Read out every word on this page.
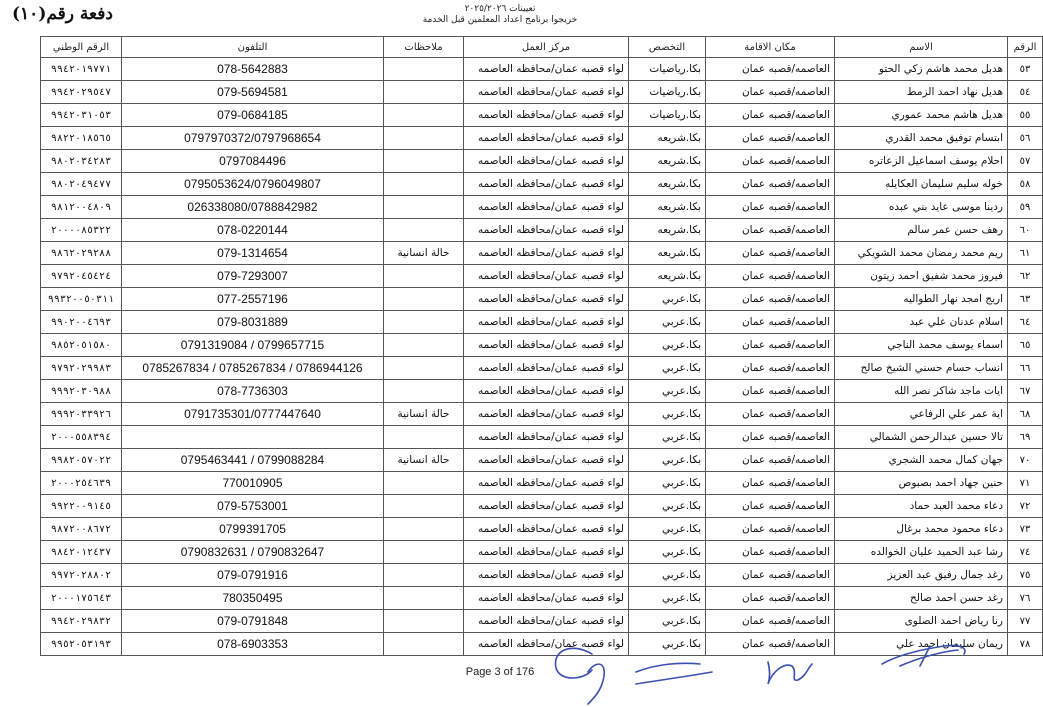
دفعة رقم(١٠)	تعيينات ٢٠٢٥/٢٠٢٦
خريجوا برنامج اعداد المعلمين قبل الخدمة
الرقم الوطني	التلفون	ملاحظات	مركز العمل	التخصص	مكان الاقامة	الاسم	الرقم
٩٩٤٢٠١٩٧٧١	078-5642883		لواء قصبه عمان/محافظه العاصمه	بكا.رياضيات	العاصمه/قصبه عمان	هديل محمد هاشم زكي الحتو	٥٣
٩٩٤٢٠٢٩٥٤٧	079-5694581		لواء قصبه عمان/محافظه العاصمه	بكا.رياضيات	العاصمه/قصبه عمان	هديل نهاد احمد الزمط	٥٤
٩٩٤٢٠٣١٠٥٣	079-0684185		لواء قصبه عمان/محافظه العاصمه	بكا.رياضيات	العاصمه/قصبه عمان	هديل هاشم محمد عموري	٥٥
٩٨٢٢٠١٨٥٦٥	0797970372/0797968654		لواء قصبه عمان/محافظه العاصمه	بكا.شريعه	العاصمه/قصبه عمان	ابتسام توفيق محمد القدري	٥٦
٩٨٠٢٠٣٤٢٨٣	0797084496		لواء قصبه عمان/محافظه العاصمه	بكا.شريعه	العاصمه/قصبه عمان	احلام يوسف اسماعيل الزعاتره	٥٧
٩٨٠٢٠٤٩٤٧٧	0795053624/0796049807		لواء قصبه عمان/محافظه العاصمه	بكا.شريعه	العاصمه/قصبه عمان	خوله سليم سليمان العكايله	٥٨
٩٨١٢٠٠٤٨٠٩	026338080/0788842982		لواء قصبه عمان/محافظه العاصمه	بكا.شريعه	العاصمه/قصبه عمان	ردينا موسى عايد بني عبده	٥٩
٢٠٠٠٠٨٥٣٢٢	078-0220144		لواء قصبه عمان/محافظه العاصمه	بكا.شريعه	العاصمه/قصبه عمان	رهف حسن عمر سالم	٦٠
٩٨٦٢٠٢٩٢٨٨	079-1314654	حالة انسانية	لواء قصبه عمان/محافظه العاصمه	بكا.شريعه	العاصمه/قصبه عمان	ريم محمد رمضان محمد الشويكي	٦١
٩٧٩٢٠٤٥٤٢٤	079-7293007		لواء قصبه عمان/محافظه العاصمه	بكا.شريعه	العاصمه/قصبه عمان	فيروز محمد شفيق احمد زيتون	٦٢
٩٩٣٢٠٠٥٠٣١١	077-2557196		لواء قصبه عمان/محافظه العاصمه	بكا.عربي	العاصمه/قصبه عمان	اريج امجد نهار الطواليه	٦٣
٩٩٠٢٠٠٤٦٩٣	079-8031889		لواء قصبه عمان/محافظه العاصمه	بكا.عربي	العاصمه/قصبه عمان	اسلام عدنان علي عبد	٦٤
٩٨٥٢٠٥١٥٨٠	0791319084 / 0799657715		لواء قصبه عمان/محافظه العاصمه	بكا.عربي	العاصمه/قصبه عمان	اسماء يوسف محمد الناجي	٦٥
٩٧٩٢٠٢٩٩٨٣	0785267834 / 0785267834 / 0786944126		لواء قصبه عمان/محافظه العاصمه	بكا.عربي	العاصمه/قصبه عمان	انساب حسام حسني الشيخ صالح	٦٦
٩٩٩٢٠٣٠٩٨٨	078-7736303		لواء قصبه عمان/محافظه العاصمه	بكا.عربي	العاصمه/قصبه عمان	ايات ماجد شاكر نصر الله	٦٧
٩٩٩٢٠٣٣٩٢٦	0791735301/0777447640	حالة انسانية	لواء قصبه عمان/محافظه العاصمه	بكا.عربي	العاصمه/قصبه عمان	اية عمر علي الرفاعي	٦٨
٢٠٠٠٥٥٨٣٩٤			لواء قصبه عمان/محافظه العاصمه	بكا.عربي	العاصمه/قصبه عمان	تالا حسين عبدالرحمن الشمالي	٦٩
٩٩٨٢٠٥٧٠٢٢	0795463441 / 0799088284	حالة انسانية	لواء قصبه عمان/محافظه العاصمه	بكا.عربي	العاصمه/قصبه عمان	جهان كمال محمد الشجري	٧٠
٢٠٠٠٢٥٤٦٣٩	770010905		لواء قصبه عمان/محافظه العاصمه	بكا.عربي	العاصمه/قصبه عمان	حنين جهاد احمد بصبوص	٧١
٩٩٢٢٠٠٩١٤٥	079-5753001		لواء قصبه عمان/محافظه العاصمه	بكا.عربي	العاصمه/قصبه عمان	دعاء محمد العبد حماد	٧٢
٩٨٧٢٠٠٨٦٧٢	0799391705		لواء قصبه عمان/محافظه العاصمه	بكا.عربي	العاصمه/قصبه عمان	دعاء محمود محمد برغال	٧٣
٩٨٤٢٠١٢٤٣٧	0790832631 / 0790832647		لواء قصبه عمان/محافظه العاصمه	بكا.عربي	العاصمه/قصبه عمان	رشا عبد الحميد عليان الخوالده	٧٤
٩٩٧٢٠٢٨٨٠٢	079-0791916		لواء قصبه عمان/محافظه العاصمه	بكا.عربي	العاصمه/قصبه عمان	رغد جمال رفيق عبد العزيز	٧٥
٢٠٠٠١٧٥٦٤٣	780350495		لواء قصبه عمان/محافظه العاصمه	بكا.عربي	العاصمه/قصبه عمان	رغد حسن احمد صالح	٧٦
٩٩٤٢٠٢٩٨٣٢	079-0791848		لواء قصبه عمان/محافظه العاصمه	بكا.عربي	العاصمه/قصبه عمان	رنا رياض احمد الصلوى	٧٧
٩٩٥٢٠٥٣١٩٣	078-6903353		لواء قصبه عمان/محافظه العاصمه	بكا.عربي	العاصمه/قصبه عمان	ريمان سليمان احمد علي	٧٨
Page 3 of 176
